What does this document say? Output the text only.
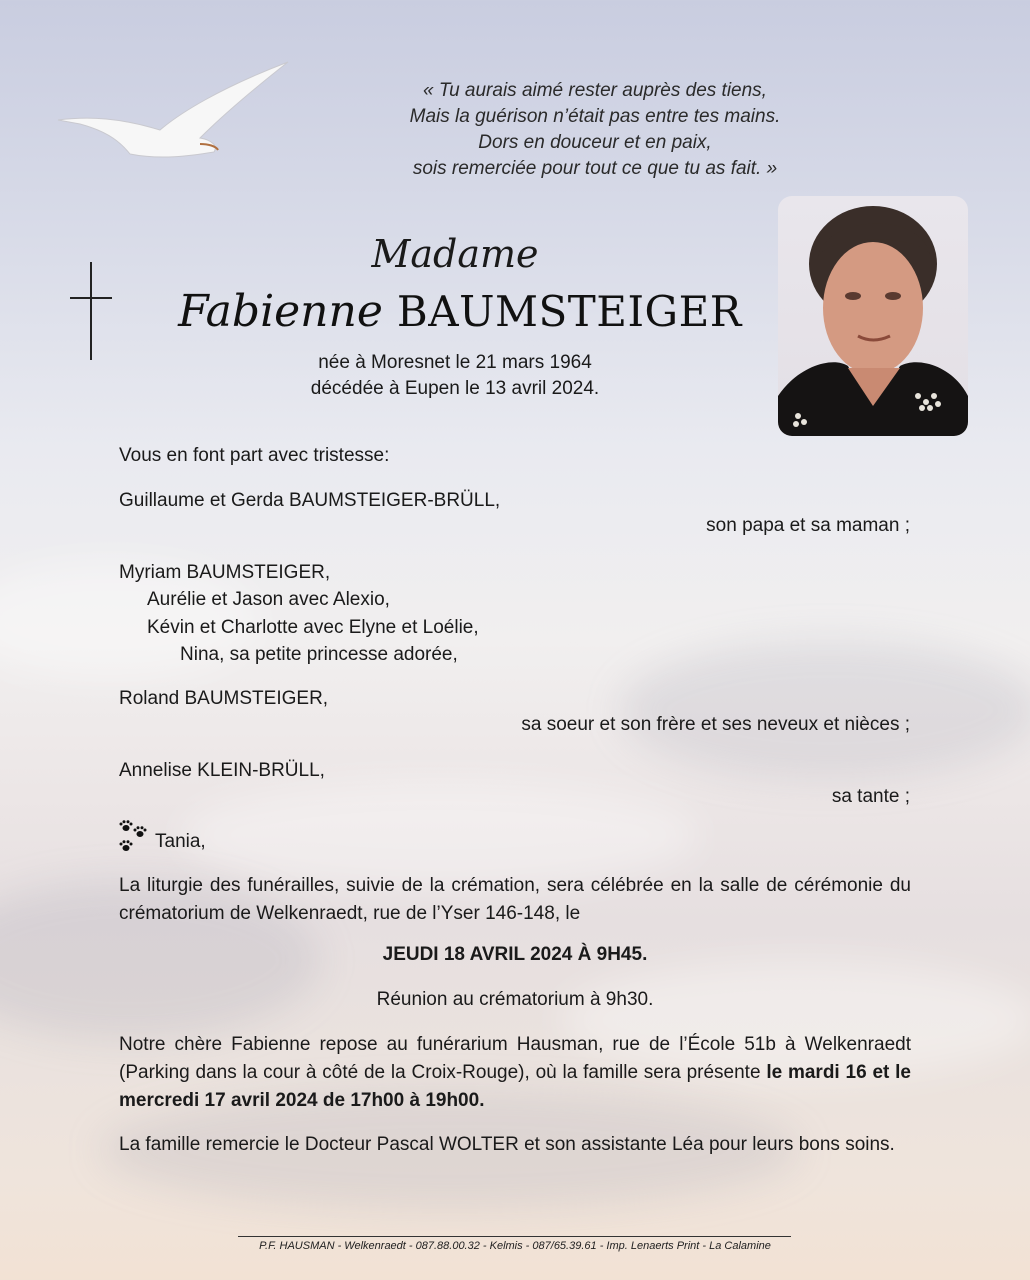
« Tu aurais aimé rester auprès des tiens,
Mais la guérison n’était pas entre tes mains.
Dors en douceur et en paix,
sois remerciée pour tout ce que tu as fait. »
Madame
Fabienne BAUMSTEIGER
née à Moresnet le 21 mars 1964
décédée à Eupen le 13 avril 2024.
Vous en font part avec tristesse:
Guillaume et Gerda BAUMSTEIGER-BRÜLL,
son papa et sa maman ;
Myriam BAUMSTEIGER,
Aurélie et Jason avec Alexio,
Kévin et Charlotte avec Elyne et Loélie,
Nina, sa petite princesse adorée,
Roland BAUMSTEIGER,
sa soeur et son frère et ses neveux et nièces ;
Annelise KLEIN-BRÜLL,
sa tante ;
Tania,
La liturgie des funérailles, suivie de la crémation, sera célébrée en la salle de cérémonie du crématorium de Welkenraedt, rue de l’Yser 146-148, le
JEUDI 18 AVRIL 2024 À 9H45.
Réunion au crématorium à 9h30.
Notre chère Fabienne repose au funérarium Hausman, rue de l’École 51b à Welkenraedt (Parking dans la cour à côté de la Croix-Rouge), où la famille sera présente le mardi 16 et le mercredi 17 avril 2024 de 17h00 à 19h00.
La famille remercie le Docteur Pascal WOLTER et son assistante Léa pour leurs bons soins.
P.F. HAUSMAN - Welkenraedt - 087.88.00.32 - Kelmis - 087/65.39.61 - Imp. Lenaerts Print - La Calamine
